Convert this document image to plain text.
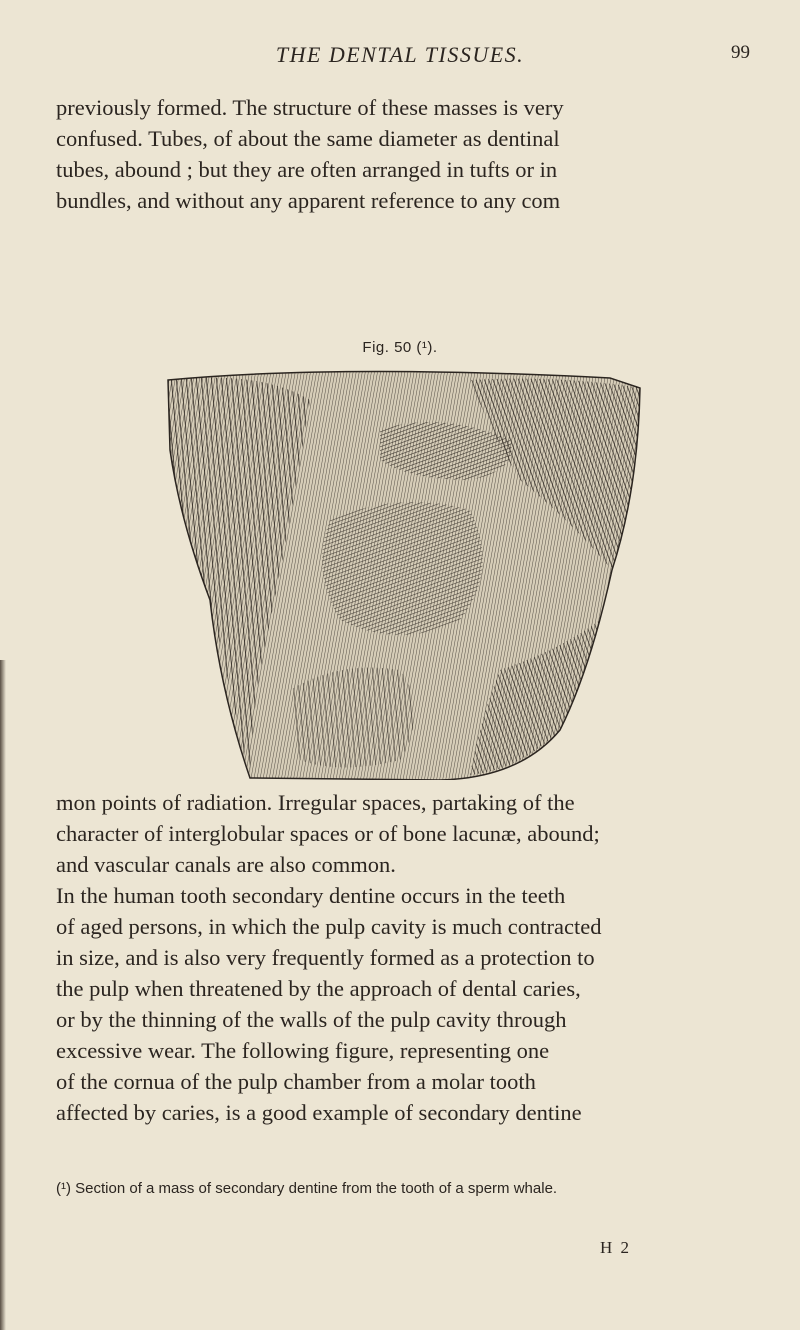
THE DENTAL TISSUES.	99

previously formed. The structure of these masses is very

confused. Tubes, of about the same diameter as dentinal

tubes, abound ; but they are often arranged in tufts or in

bundles, and without any apparent reference to any com

Fig. 50 (¹).

mon points of radiation. Irregular spaces, partaking of the

character of interglobular spaces or of bone lacunæ, abound;

and vascular canals are also common.

In the human tooth secondary dentine occurs in the teeth

of aged persons, in which the pulp cavity is much contracted

in size, and is also very frequently formed as a protection to

the pulp when threatened by the approach of dental caries,

or by the thinning of the walls of the pulp cavity through

excessive wear. The following figure, representing one

of the cornua of the pulp chamber from a molar tooth

affected by caries, is a good example of secondary dentine

(¹) Section of a mass of secondary dentine from the tooth of a sperm whale.
H 2
